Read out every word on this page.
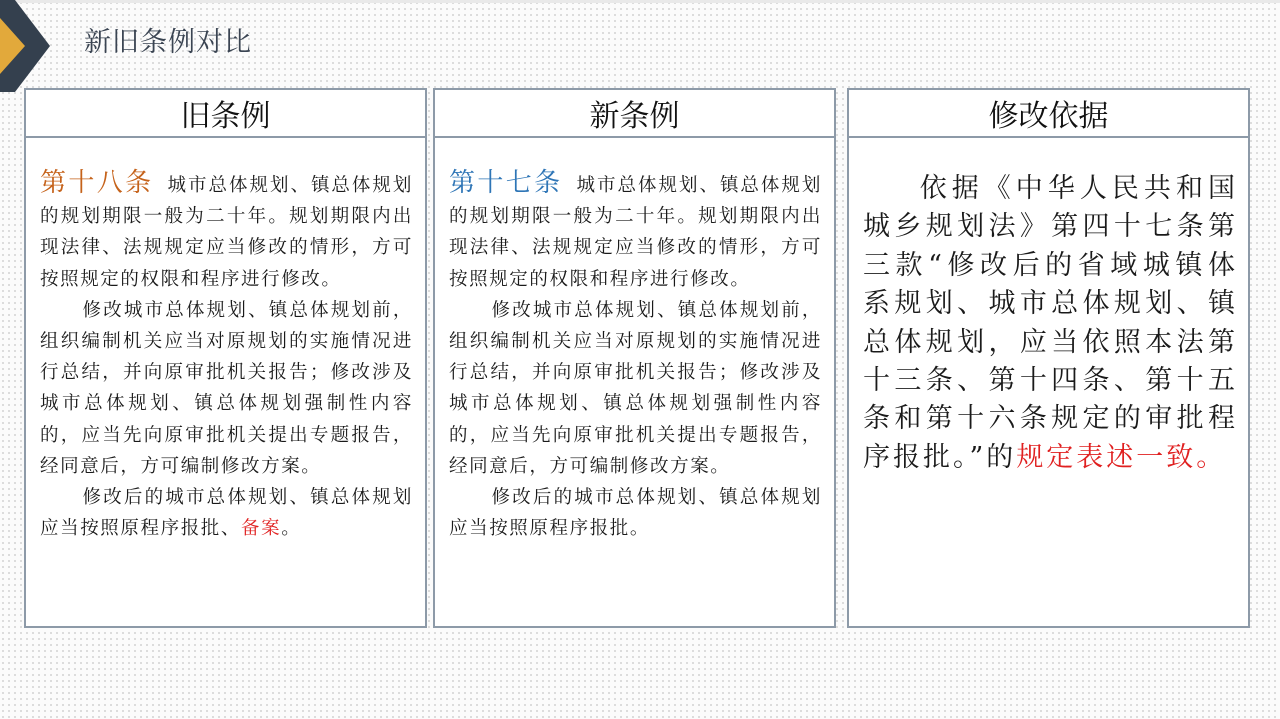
新旧条例对比
旧条例

第十八条 城市总体规划、镇总体规划的规划期限一般为二十年。规划期限内出现法律、法规规定应当修改的情形，方可按照规定的权限和程序进行修改。

修改城市总体规划、镇总体规划前，组织编制机关应当对原规划的实施情况进行总结，并向原审批机关报告；修改涉及城市总体规划、镇总体规划强制性内容的，应当先向原审批机关提出专题报告，经同意后，方可编制修改方案。

修改后的城市总体规划、镇总体规划应当按照原程序报批、备案。

新条例

第十七条 城市总体规划、镇总体规划的规划期限一般为二十年。规划期限内出现法律、法规规定应当修改的情形，方可按照规定的权限和程序进行修改。

修改城市总体规划、镇总体规划前，组织编制机关应当对原规划的实施情况进行总结，并向原审批机关报告；修改涉及城市总体规划、镇总体规划强制性内容的，应当先向原审批机关提出专题报告，经同意后，方可编制修改方案。

修改后的城市总体规划、镇总体规划应当按照原程序报批。

修改依据
依据《中华人民共和国城乡规划法》第四十七条第三款“修改后的省域城镇体系规划、城市总体规划、镇总体规划，应当依照本法第十三条、第十四条、第十五条和第十六条规定的审批程序报批。”的规定表述一致。
